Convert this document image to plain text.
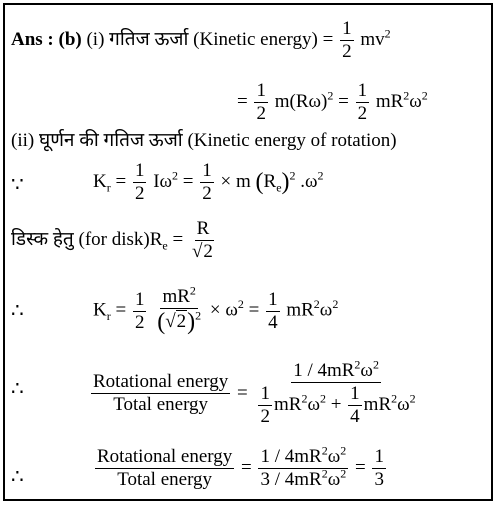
Ans : (b) (i) गतिज ऊर्जा (Kinetic energy) = $\frac{1}{2} mv^2$
= $\frac{1}{2} m(R\omega)^2 = \frac{1}{2} mR^2\omega^2$
(ii) घूर्णन की गतिज ऊर्जा (Kinetic energy of rotation)
∵	$K_r = \frac{1}{2} I\omega^2 = \frac{1}{2} \times m$ $(R_e)^2$ $.\omega^2$
डिस्क हेतु (for $disk)R_e = \frac{R}{√2}$
∴	$K_r = \frac{1}{2}$
$\frac{mR^2}{(√2)^2} \times \omega^2 = \frac{1}{4} mR^2\omega^2$
∴	$\frac{\text{Rotational energy}}{\text{Total energy}}$ =
$1 / 4mR^2\omega^2$
$\frac{1}{2} mR^2\omega^2 + \frac{1}{4} mR^2\omega^2$
∴	$\frac{\text{Rotational energy}}{\text{Total energy}} = \frac{1 / 4mR^2\omega^2}{3 / 4mR^2\omega^2} = \frac{1}{3}$
